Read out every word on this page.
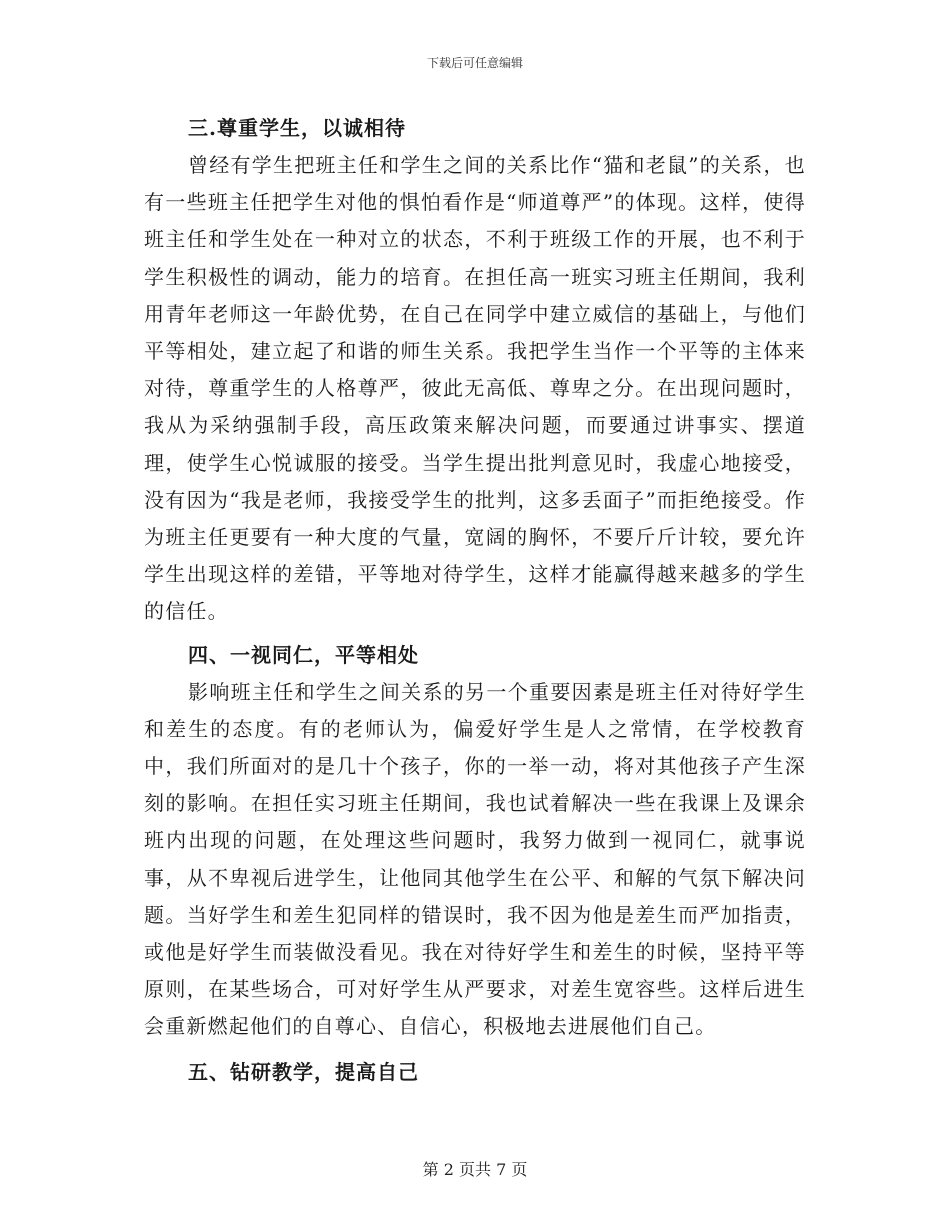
下载后可任意编辑

三.尊重学生，以诚相待

曾经有学生把班主任和学生之间的关系比作“猫和老鼠”的关系，也有一些班主任把学生对他的惧怕看作是“师道尊严”的体现。这样，使得班主任和学生处在一种对立的状态，不利于班级工作的开展，也不利于学生积极性的调动，能力的培育。在担任高一班实习班主任期间，我利用青年老师这一年龄优势，在自己在同学中建立威信的基础上，与他们平等相处，建立起了和谐的师生关系。我把学生当作一个平等的主体来对待，尊重学生的人格尊严，彼此无高低、尊卑之分。在出现问题时，我从为采纳强制手段，高压政策来解决问题，而要通过讲事实、摆道理，使学生心悦诚服的接受。当学生提出批判意见时，我虚心地接受，没有因为“我是老师，我接受学生的批判，这多丢面子”而拒绝接受。作为班主任更要有一种大度的气量，宽阔的胸怀，不要斤斤计较，要允许学生出现这样的差错，平等地对待学生，这样才能赢得越来越多的学生的信任。

四、一视同仁，平等相处

影响班主任和学生之间关系的另一个重要因素是班主任对待好学生和差生的态度。有的老师认为，偏爱好学生是人之常情，在学校教育中，我们所面对的是几十个孩子，你的一举一动，将对其他孩子产生深刻的影响。在担任实习班主任期间，我也试着解决一些在我课上及课余班内出现的问题，在处理这些问题时，我努力做到一视同仁，就事说事，从不卑视后进学生，让他同其他学生在公平、和解的气氛下解决问题。当好学生和差生犯同样的错误时，我不因为他是差生而严加指责，或他是好学生而装做没看见。我在对待好学生和差生的时候，坚持平等原则，在某些场合，可对好学生从严要求，对差生宽容些。这样后进生会重新燃起他们的自尊心、自信心，积极地去进展他们自己。

五、钻研教学，提高自己

第 2 页共 7 页
